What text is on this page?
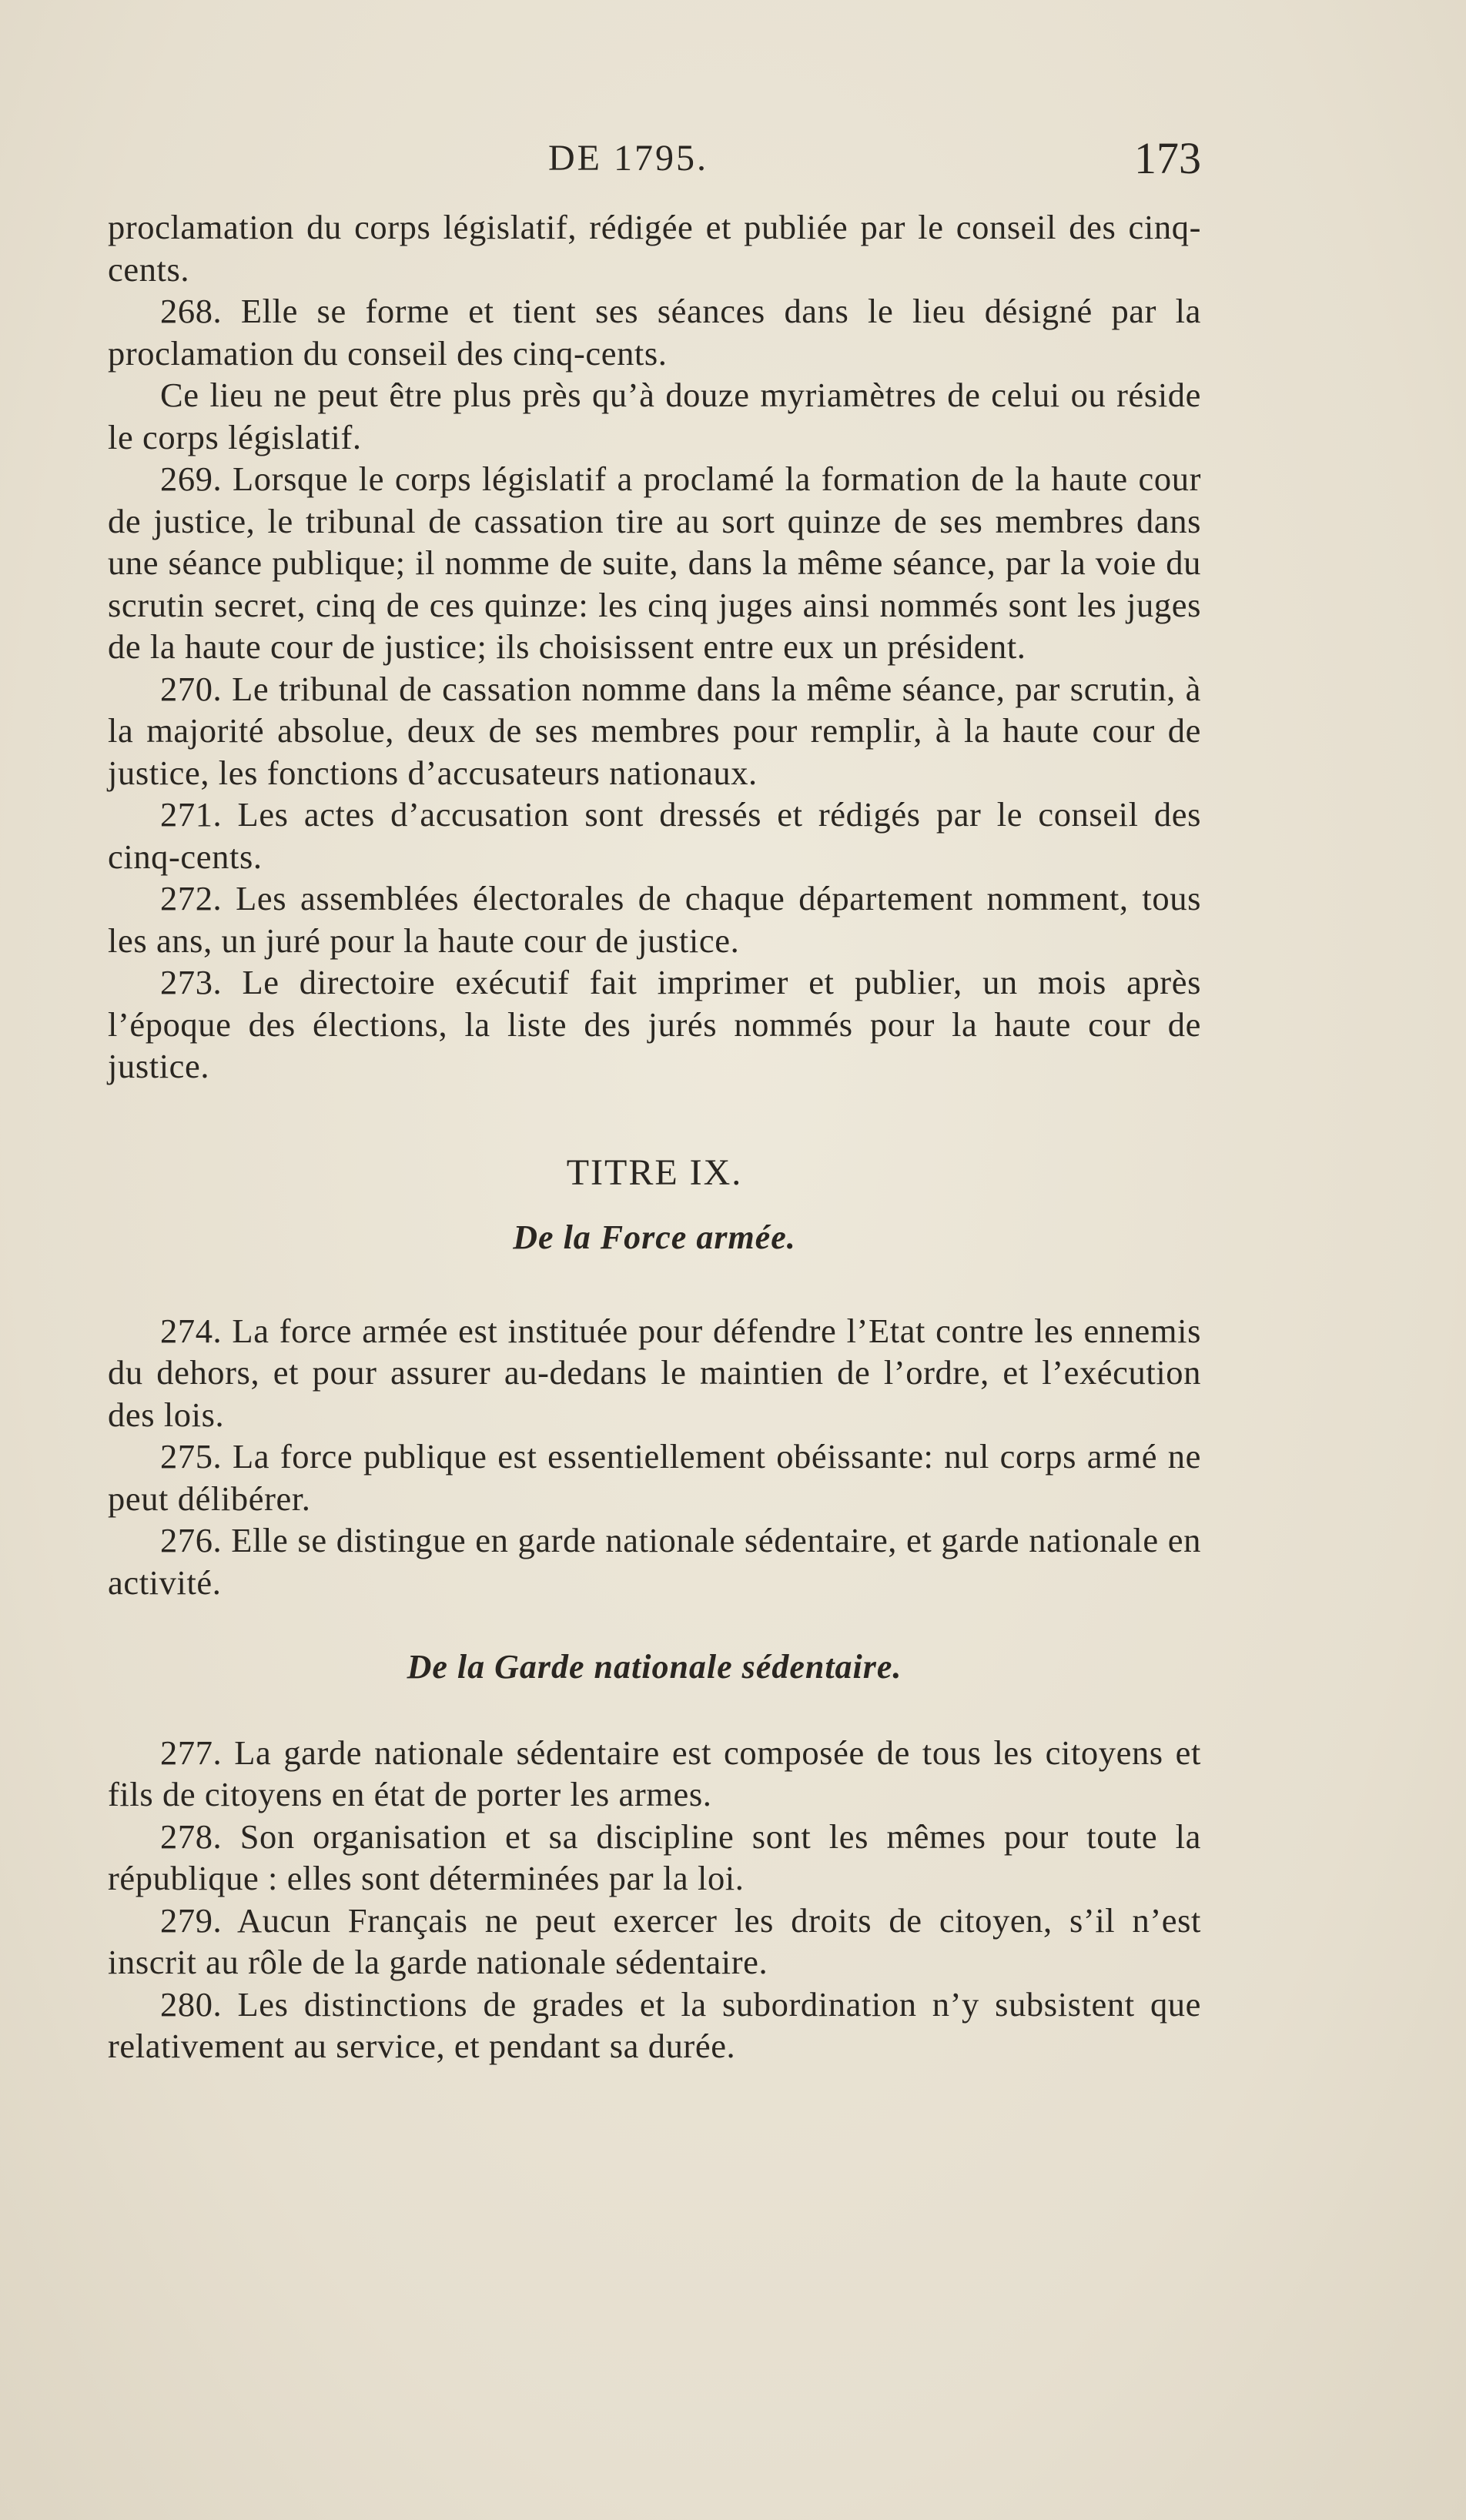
DE 1795.	173

proclamation du corps législatif, rédigée et publiée par le conseil des cinq-cents.

268. Elle se forme et tient ses séances dans le lieu désigné par la proclamation du conseil des cinq-cents.

Ce lieu ne peut être plus près qu’à douze myriamètres de celui ou réside le corps législatif.

269. Lorsque le corps législatif a proclamé la formation de la haute cour de justice, le tribunal de cassation tire au sort quinze de ses membres dans une séance publique; il nomme de suite, dans la même séance, par la voie du scrutin secret, cinq de ces quinze: les cinq juges ainsi nommés sont les juges de la haute cour de justice; ils choisissent entre eux un président.

270. Le tribunal de cassation nomme dans la même séance, par scrutin, à la majorité absolue, deux de ses membres pour remplir, à la haute cour de justice, les fonctions d’accusateurs nationaux.

271. Les actes d’accusation sont dressés et rédigés par le conseil des cinq-cents.

272. Les assemblées électorales de chaque département nomment, tous les ans, un juré pour la haute cour de justice.

273. Le directoire exécutif fait imprimer et publier, un mois après l’époque des élections, la liste des jurés nommés pour la haute cour de justice.

TITRE IX.
De la Force armée.

274. La force armée est instituée pour défendre l’Etat contre les ennemis du dehors, et pour assurer au-dedans le maintien de l’ordre, et l’exécution des lois.

275. La force publique est essentiellement obéissante: nul corps armé ne peut délibérer.

276. Elle se distingue en garde nationale sédentaire, et garde nationale en activité.

De la Garde nationale sédentaire.

277. La garde nationale sédentaire est composée de tous les citoyens et fils de citoyens en état de porter les armes.

278. Son organisation et sa discipline sont les mêmes pour toute la république : elles sont déterminées par la loi.

279. Aucun Français ne peut exercer les droits de citoyen, s’il n’est inscrit au rôle de la garde nationale sédentaire.

280. Les distinctions de grades et la subordination n’y subsistent que relativement au service, et pendant sa durée.
